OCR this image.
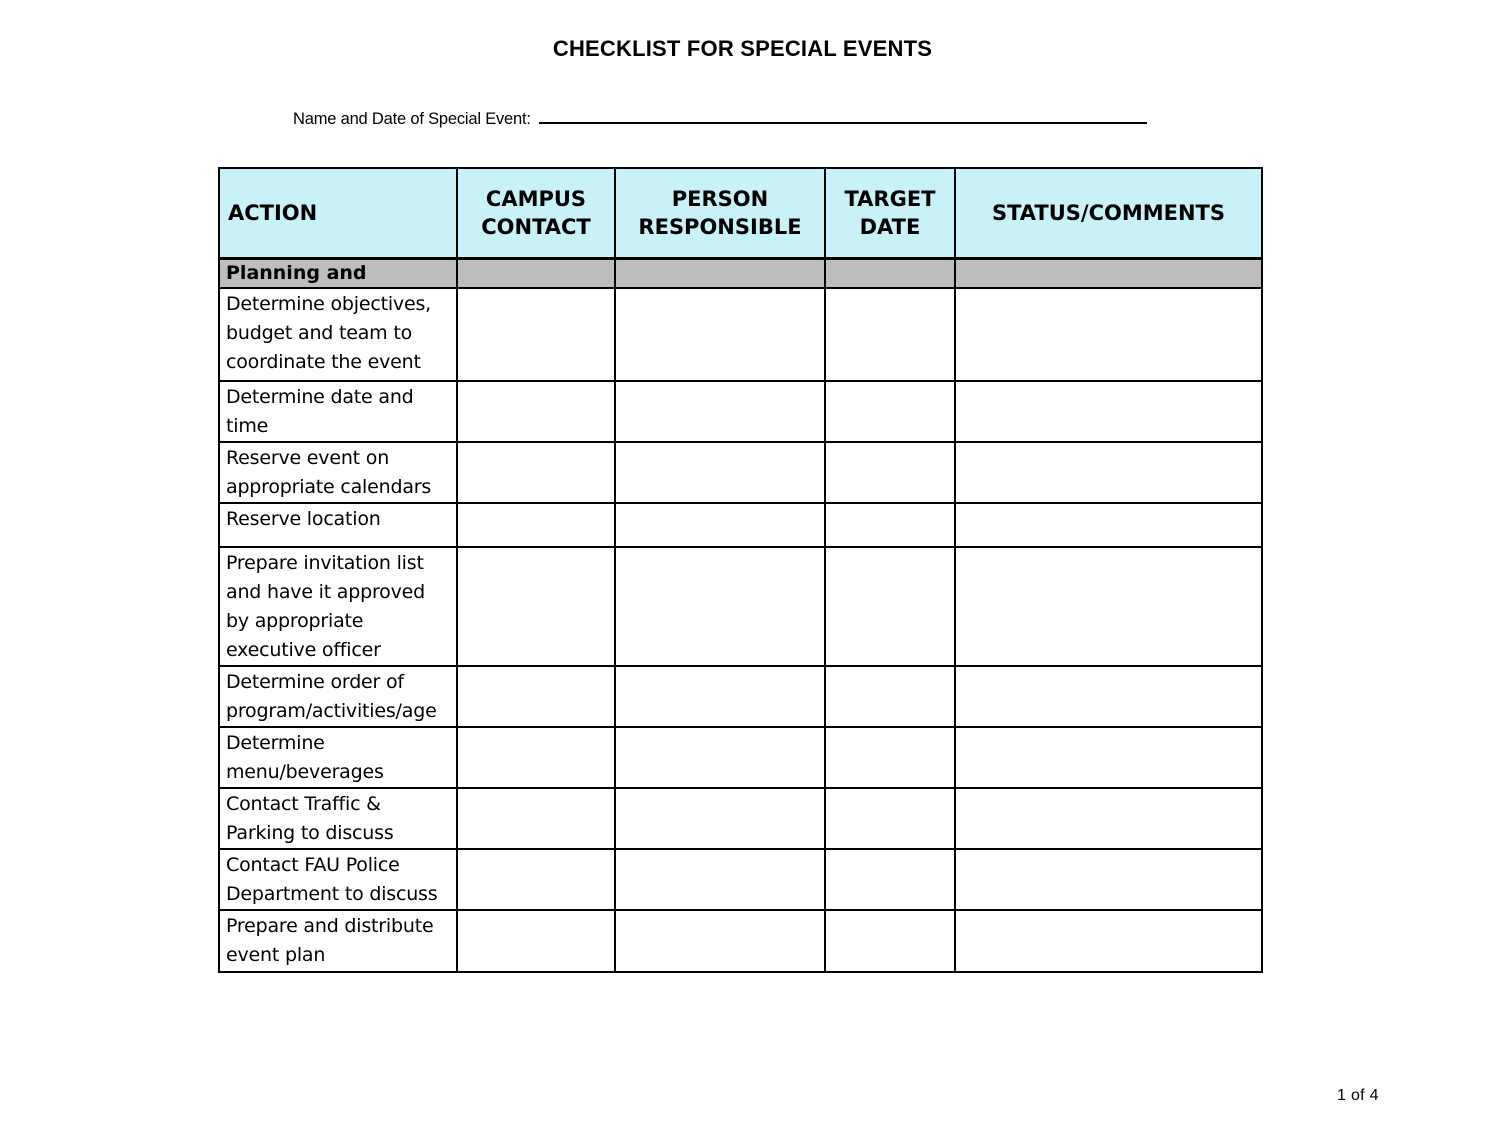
CHECKLIST FOR SPECIAL EVENTS
Name and Date of Special Event:
ACTION	CAMPUS CONTACT	PERSON RESPONSIBLE	TARGET DATE	STATUS/COMMENTS
Planning and				
Determine objectives, budget and team to coordinate the event				
Determine date and time				
Reserve event on appropriate calendars				
Reserve location				
Prepare invitation list and have it approved by appropriate executive officer				
Determine order of program/activities/age				
Determine menu/beverages				
Contact Traffic & Parking to discuss				
Contact FAU Police Department to discuss				
Prepare and distribute event plan				
1 of 4
